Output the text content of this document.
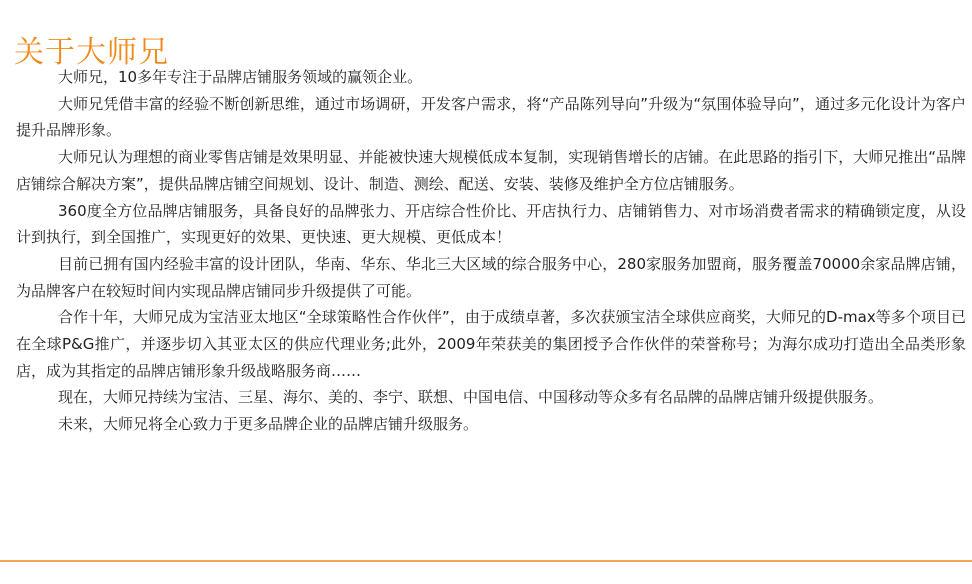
关于大师兄

大师兄，10多年专注于品牌店铺服务领域的赢领企业。

大师兄凭借丰富的经验不断创新思维，通过市场调研，开发客户需求，将“产品陈列导向”升级为“氛围体验导向”，通过多元化设计为客户提升品牌形象。

大师兄认为理想的商业零售店铺是效果明显、并能被快速大规模低成本复制，实现销售增长的店铺。在此思路的指引下，大师兄推出“品牌店铺综合解决方案”，提供品牌店铺空间规划、设计、制造、测绘、配送、安装、装修及维护全方位店铺服务。

360度全方位品牌店铺服务，具备良好的品牌张力、开店综合性价比、开店执行力、店铺销售力、对市场消费者需求的精确锁定度，从设计到执行，到全国推广，实现更好的效果、更快速、更大规模、更低成本！

目前已拥有国内经验丰富的设计团队，华南、华东、华北三大区域的综合服务中心，280家服务加盟商，服务覆盖70000余家品牌店铺，为品牌客户在较短时间内实现品牌店铺同步升级提供了可能。

合作十年，大师兄成为宝洁亚太地区“全球策略性合作伙伴”，由于成绩卓著，多次获颁宝洁全球供应商奖，大师兄的D-max等多个项目已在全球P&G推广，并逐步切入其亚太区的供应代理业务;此外，2009年荣获美的集团授予合作伙伴的荣誉称号；为海尔成功打造出全品类形象店，成为其指定的品牌店铺形象升级战略服务商……

现在，大师兄持续为宝洁、三星、海尔、美的、李宁、联想、中国电信、中国移动等众多有名品牌的品牌店铺升级提供服务。

未来，大师兄将全心致力于更多品牌企业的品牌店铺升级服务。
